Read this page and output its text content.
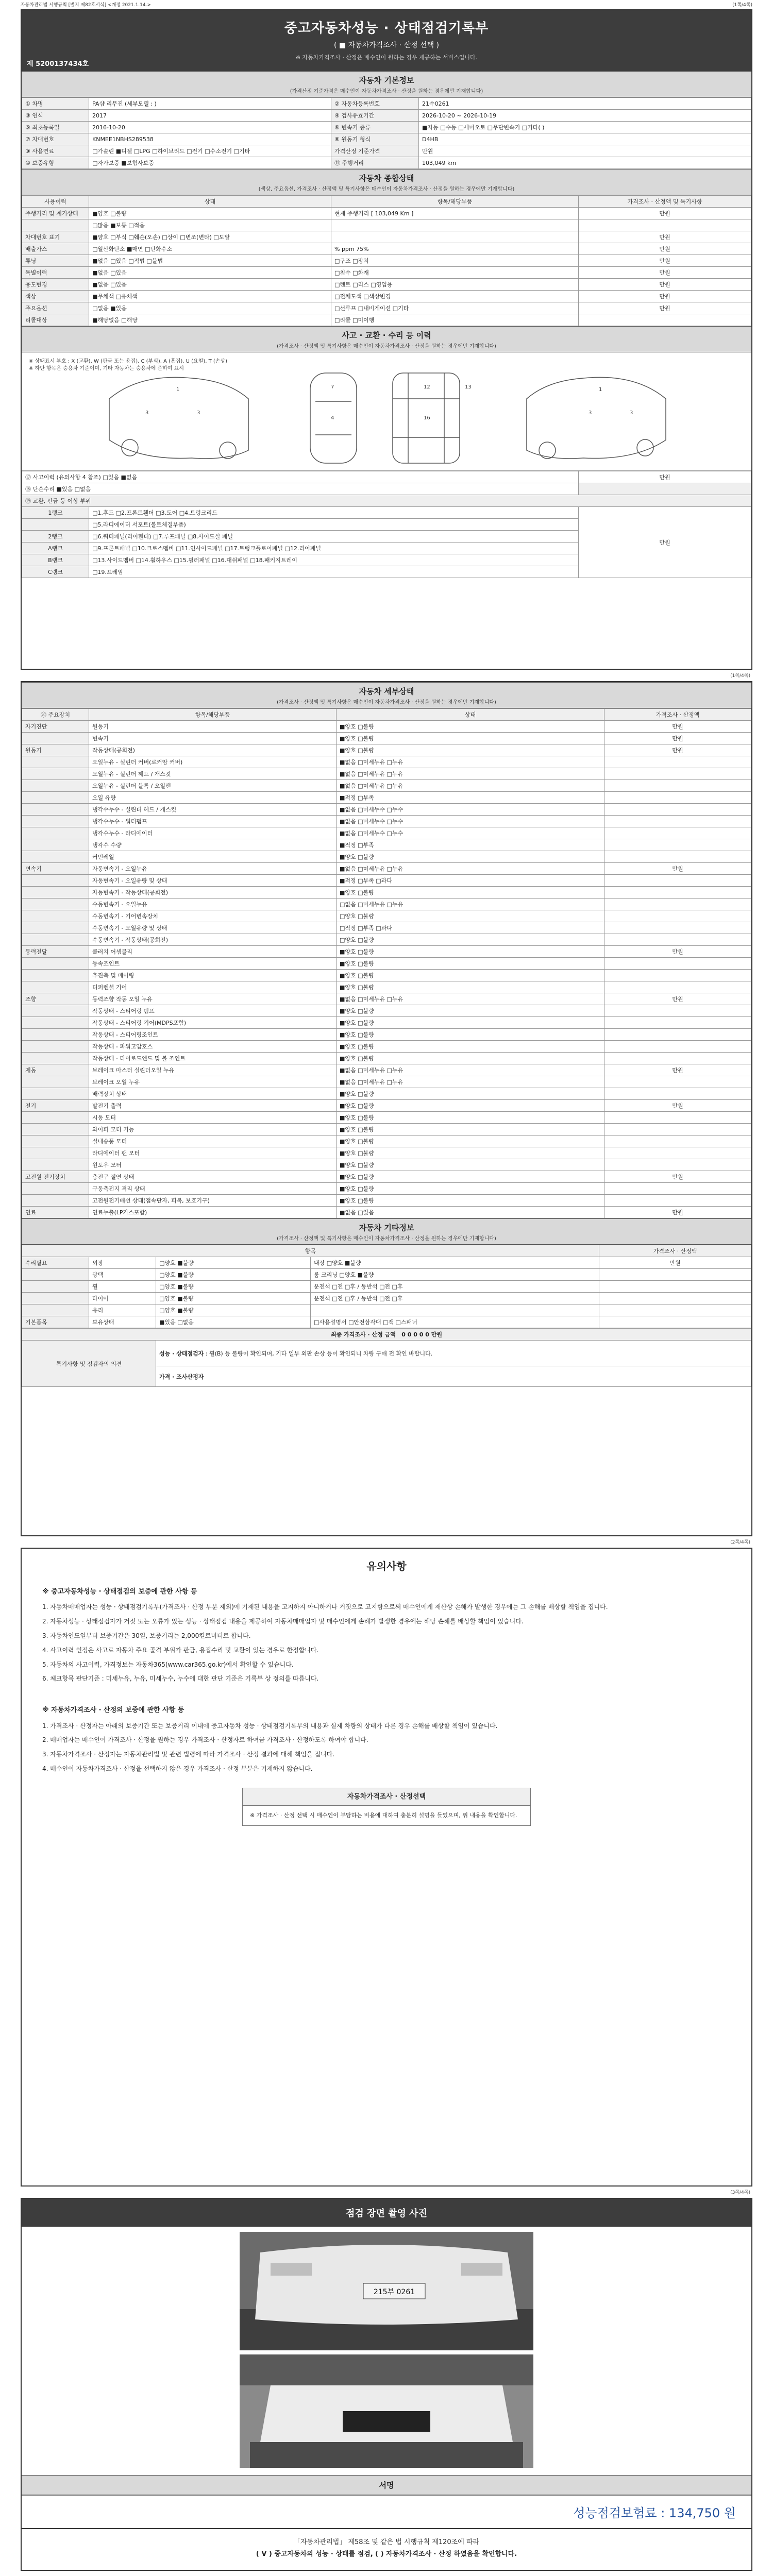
자동차관리법 시행규칙 [별지 제82호서식] <개정 2021.1.14.>	(1쪽/4쪽)
중고자동차성능 · 상태점검기록부
( ■ 자동차가격조사 · 산정 선택 )
※ 자동차가격조사 · 산정은 매수인이 원하는 경우 제공하는 서비스입니다.
제 5200137434호
자동차 기본정보
(가격산정 기준가격은 매수인이 자동차가격조사 · 산정을 원하는 경우에만 기재합니다)
① 차명	PA샵 리무진 (세부모델 : )	② 자동차등록번호	21수0261
③ 연식	2017	④ 검사유효기간	2026-10-20 ~ 2026-10-19
⑤ 최초등록일	2016-10-20	⑥ 변속기 종류	■자동 □수동 □세미오토 □무단변속기 □기타( )
⑦ 차대번호	KNMEE1NBHS289538	⑧ 원동기 형식	D4HB
⑨ 사용연료	□가솔린 ■디젤 □LPG □하이브리드 □전기 □수소전기 □기타	가격산정 기준가격	만원
⑩ 보증유형	□자가보증 ■보험사보증	⑪ 주행거리	103,049 km
자동차 종합상태
(색상, 주요옵션, 가격조사 · 산정액 및 특기사항은 매수인이 자동차가격조사 · 산정을 원하는 경우에만 기재합니다)
사용이력	상태	항목/해당부품	가격조사 · 산정액 및 특기사항
주행거리 및 계기상태	■양호 □불량	현재 주행거리 [ 103,049 Km ]	만원
	□많음 ■보통 □적음		
차대번호 표기	■양호 □부식 □훼손(오손) □상이 □변조(변타) □도말		만원
배출가스	□일산화탄소 ■매연 □탄화수소	% ppm 75%	만원
튜닝	■없음 □있음 □적법 □불법	□구조 □장치	만원
특별이력	■없음 □있음	□침수 □화재	만원
용도변경	■없음 □있음	□렌트 □리스 □영업용	만원
색상	■무채색 □유채색	□전체도색 □색상변경	만원
주요옵션	□없음 ■있음	□선루프 □내비게이션 □기타	만원
리콜대상	■해당없음 □해당	□리콜 □미이행	
사고 · 교환 · 수리 등 이력
(가격조사 · 산정액 및 특기사항은 매수인이 자동차가격조사 · 산정을 원하는 경우에만 기재합니다)
※ 상태표시 부호 : X (교환), W (판금 또는 용접), C (부식), A (흠집), U (요철), T (손상)
※ 하단 항목은 승용차 기준이며, 기타 자동차는 승용차에 준하여 표시
1
3	3
7
4
12
16
13	1
3	3
⑰ 사고이력 (유의사항 4 참조) □있음 ■없음		만원
⑱ 단순수리 ■있음 □없음		
⑲ 교환, 판금 등 이상 부위		
1랭크	□1.후드 □2.프론트휀더 □3.도어 □4.트렁크리드	만원
	□5.라디에이터 서포트(볼트체결부품)	
2랭크	□6.쿼터패널(리어휀더) □7.루프패널 □8.사이드실 패널	
A랭크	□9.프론트패널 □10.크로스멤버 □11.인사이드패널 □17.트렁크플로어패널 □12.리어패널	
B랭크	□13.사이드멤버 □14.휠하우스 □15.필러패널 □16.대쉬패널 □18.패키지트레이	
C랭크	□19.프레임	
(1쪽/4쪽)
자동차 세부상태
(가격조사 · 산정액 및 특기사항은 매수인이 자동차가격조사 · 산정을 원하는 경우에만 기재합니다)
⑳ 주요장치	항목/해당부품	상태	가격조사 · 산정액
자기진단	원동기	■양호 □불량	만원
	변속기	■양호 □불량	만원
원동기	작동상태(공회전)	■양호 □불량	만원
	오일누유 - 실린더 커버(로커암 커버)	■없음 □미세누유 □누유	
	오일누유 - 실린더 헤드 / 개스킷	■없음 □미세누유 □누유	
	오일누유 - 실린더 블록 / 오일팬	■없음 □미세누유 □누유	
	오일 유량	■적정 □부족	
	냉각수누수 - 실린더 헤드 / 개스킷	■없음 □미세누수 □누수	
	냉각수누수 - 워터펌프	■없음 □미세누수 □누수	
	냉각수누수 - 라디에이터	■없음 □미세누수 □누수	
	냉각수 수량	■적정 □부족	
	커먼레일	■양호 □불량	
변속기	자동변속기 - 오일누유	■없음 □미세누유 □누유	만원
	자동변속기 - 오일유량 및 상태	■적정 □부족 □과다	
	자동변속기 - 작동상태(공회전)	■양호 □불량	
	수동변속기 - 오일누유	□없음 □미세누유 □누유	
	수동변속기 - 기어변속장치	□양호 □불량	
	수동변속기 - 오일유량 및 상태	□적정 □부족 □과다	
	수동변속기 - 작동상태(공회전)	□양호 □불량	
동력전달	클러치 어셈블리	■양호 □불량	만원
	등속조인트	■양호 □불량	
	추진축 및 베어링	■양호 □불량	
	디퍼렌셜 기어	■양호 □불량	
조향	동력조향 작동 오일 누유	■없음 □미세누유 □누유	만원
	작동상태 - 스티어링 펌프	■양호 □불량	
	작동상태 - 스티어링 기어(MDPS포함)	■양호 □불량	
	작동상태 - 스티어링조인트	■양호 □불량	
	작동상태 - 파워고압호스	■양호 □불량	
	작동상태 - 타이로드엔드 및 볼 조인트	■양호 □불량	
제동	브레이크 마스터 실린더오일 누유	■없음 □미세누유 □누유	만원
	브레이크 오일 누유	■없음 □미세누유 □누유	
	배력장치 상태	■양호 □불량	
전기	발전기 출력	■양호 □불량	만원
	시동 모터	■양호 □불량	
	와이퍼 모터 기능	■양호 □불량	
	실내송풍 모터	■양호 □불량	
	라디에이터 팬 모터	■양호 □불량	
	윈도우 모터	■양호 □불량	
고전원 전기장치	충전구 절연 상태	■양호 □불량	만원
	구동축전지 격리 상태	■양호 □불량	
	고전원전기배선 상태(접속단자, 피복, 보호기구)	■양호 □불량	
연료	연료누출(LP가스포함)	■없음 □있음	만원
자동차 기타정보
(가격조사 · 산정액 및 특기사항은 매수인이 자동차가격조사 · 산정을 원하는 경우에만 기재합니다)
항목				가격조사 · 산정액
수리필요	외장	□양호 ■불량	내장 □양호 ■불량	만원
	광택	□양호 ■불량	룸 크리닝 □양호 ■불량	
	휠	□양호 ■불량	운전석 □전 □후 / 동반석 □전 □후	
	타이어	□양호 ■불량	운전석 □전 □후 / 동반석 □전 □후	
	유리	□양호 ■불량		
기본품목	보유상태	■있음 □없음	□사용설명서 □안전삼각대 □잭 □스패너	
최종 가격조사 · 산정 금액 0 0 0 0 0 만원
특기사항 및 점검자의 의견	성능 · 상태점검자 : 휠(B) 등 불량이 확인되며, 기타 일부 외판 손상 등이 확인되니 차량 구매 전 확인 바랍니다.
가격 · 조사산정자
(2쪽/4쪽)
유의사항
※ 중고자동차성능 · 상태점검의 보증에 관한 사항 등

1. 자동차매매업자는 성능 · 상태점검기록부(가격조사 · 산정 부분 제외)에 기재된 내용을 고지하지 아니하거나 거짓으로 고지함으로써 매수인에게 재산상 손해가 발생한 경우에는 그 손해를 배상할 책임을 집니다.

2. 자동차성능 · 상태점검자가 거짓 또는 오류가 있는 성능 · 상태점검 내용을 제공하여 자동차매매업자 및 매수인에게 손해가 발생한 경우에는 해당 손해를 배상할 책임이 있습니다.

3. 자동차인도일부터 보증기간은 30일, 보증거리는 2,000킬로미터로 합니다.

4. 사고이력 인정은 사고로 자동차 주요 골격 부위가 판금, 용접수리 및 교환이 있는 경우로 한정합니다.

5. 자동차의 사고이력, 가격정보는 자동차365(www.car365.go.kr)에서 확인할 수 있습니다.

6. 체크항목 판단기준 : 미세누유, 누유, 미세누수, 누수에 대한 판단 기준은 기록부 상 정의를 따릅니다.

※ 자동차가격조사 · 산정의 보증에 관한 사항 등

1. 가격조사 · 산정자는 아래의 보증기간 또는 보증거리 이내에 중고자동차 성능 · 상태점검기록부의 내용과 실제 차량의 상태가 다른 경우 손해를 배상할 책임이 있습니다.

2. 매매업자는 매수인이 가격조사 · 산정을 원하는 경우 가격조사 · 산정자로 하여금 가격조사 · 산정하도록 하여야 합니다.

3. 자동차가격조사 · 산정자는 자동차관리법 및 관련 법령에 따라 가격조사 · 산정 결과에 대해 책임을 집니다.

4. 매수인이 자동차가격조사 · 산정을 선택하지 않은 경우 가격조사 · 산정 부분은 기재하지 않습니다.

자동차가격조사 · 산정선택
※ 가격조사 · 산정 선택 시 매수인이 부담하는 비용에 대하여 충분히 설명을 들었으며, 위 내용을 확인합니다.
(3쪽/4쪽)
점검 장면 촬영 사진
215부 0261
서명
성능점검보험료 : 134,750 원
「자동차관리법」 제58조 및 같은 법 시행규칙 제120조에 따라
( V ) 중고자동차의 성능 · 상태를 점검, ( ) 자동차가격조사 · 산정 하였음을 확인합니다.
